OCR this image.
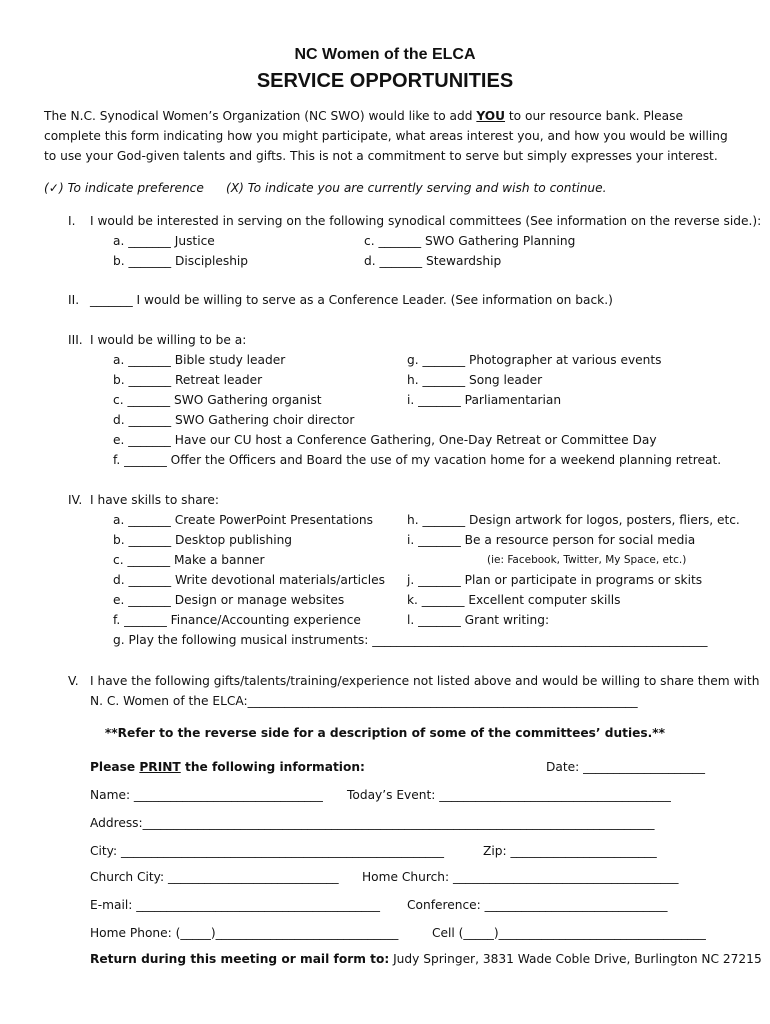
NC Women of the ELCA
SERVICE OPPORTUNITIES
The N.C. Synodical Women’s Organization (NC SWO) would like to add YOU to our resource bank. Please complete this form indicating how you might participate, what areas interest you, and how you would be willing to use your God-given talents and gifts. This is not a commitment to serve but simply expresses your interest.
(✓) To indicate preference (X) To indicate you are currently serving and wish to continue.
I. I would be interested in serving on the following synodical committees (See information on the reverse side.):
a. _______ Justice
b. _______ Discipleship
c. _______ SWO Gathering Planning
d. _______ Stewardship
II. _______ I would be willing to serve as a Conference Leader. (See information on back.)
III. I would be willing to be a:
a. _______ Bible study leader
b. _______ Retreat leader
c. _______ SWO Gathering organist
d. _______ SWO Gathering choir director
e. _______ Have our CU host a Conference Gathering, One-Day Retreat or Committee Day
f. _______ Offer the Officers and Board the use of my vacation home for a weekend planning retreat.
g. _______ Photographer at various events
h. _______ Song leader
i. _______ Parliamentarian
IV. I have skills to share:
a. _______ Create PowerPoint Presentations
b. _______ Desktop publishing
c. _______ Make a banner
d. _______ Write devotional materials/articles
e. _______ Design or manage websites
f. _______ Finance/Accounting experience
g. Play the following musical instruments: _______________________________________________________
h. _______ Design artwork for logos, posters, fliers, etc.
i. _______ Be a resource person for social media
(ie: Facebook, Twitter, My Space, etc.)
j. _______ Plan or participate in programs or skits
k. _______ Excellent computer skills
l. _______ Grant writing:
V. I have the following gifts/talents/training/experience not listed above and would be willing to share them with
N. C. Women of the ELCA:________________________________________________________________
**Refer to the reverse side for a description of some of the committees’ duties.**
Please PRINT the following information:	Date: ____________________
Name: _______________________________ Today’s Event: ______________________________________
Address:____________________________________________________________________________________
City: _____________________________________________________	Zip: ________________________
Church City: ____________________________ Home Church: _____________________________________
E-mail: ________________________________________ Conference: ______________________________
Home Phone: (_____)______________________________	Cell (_____)__________________________________
Return during this meeting or mail form to: Judy Springer, 3831 Wade Coble Drive, Burlington NC 27215
